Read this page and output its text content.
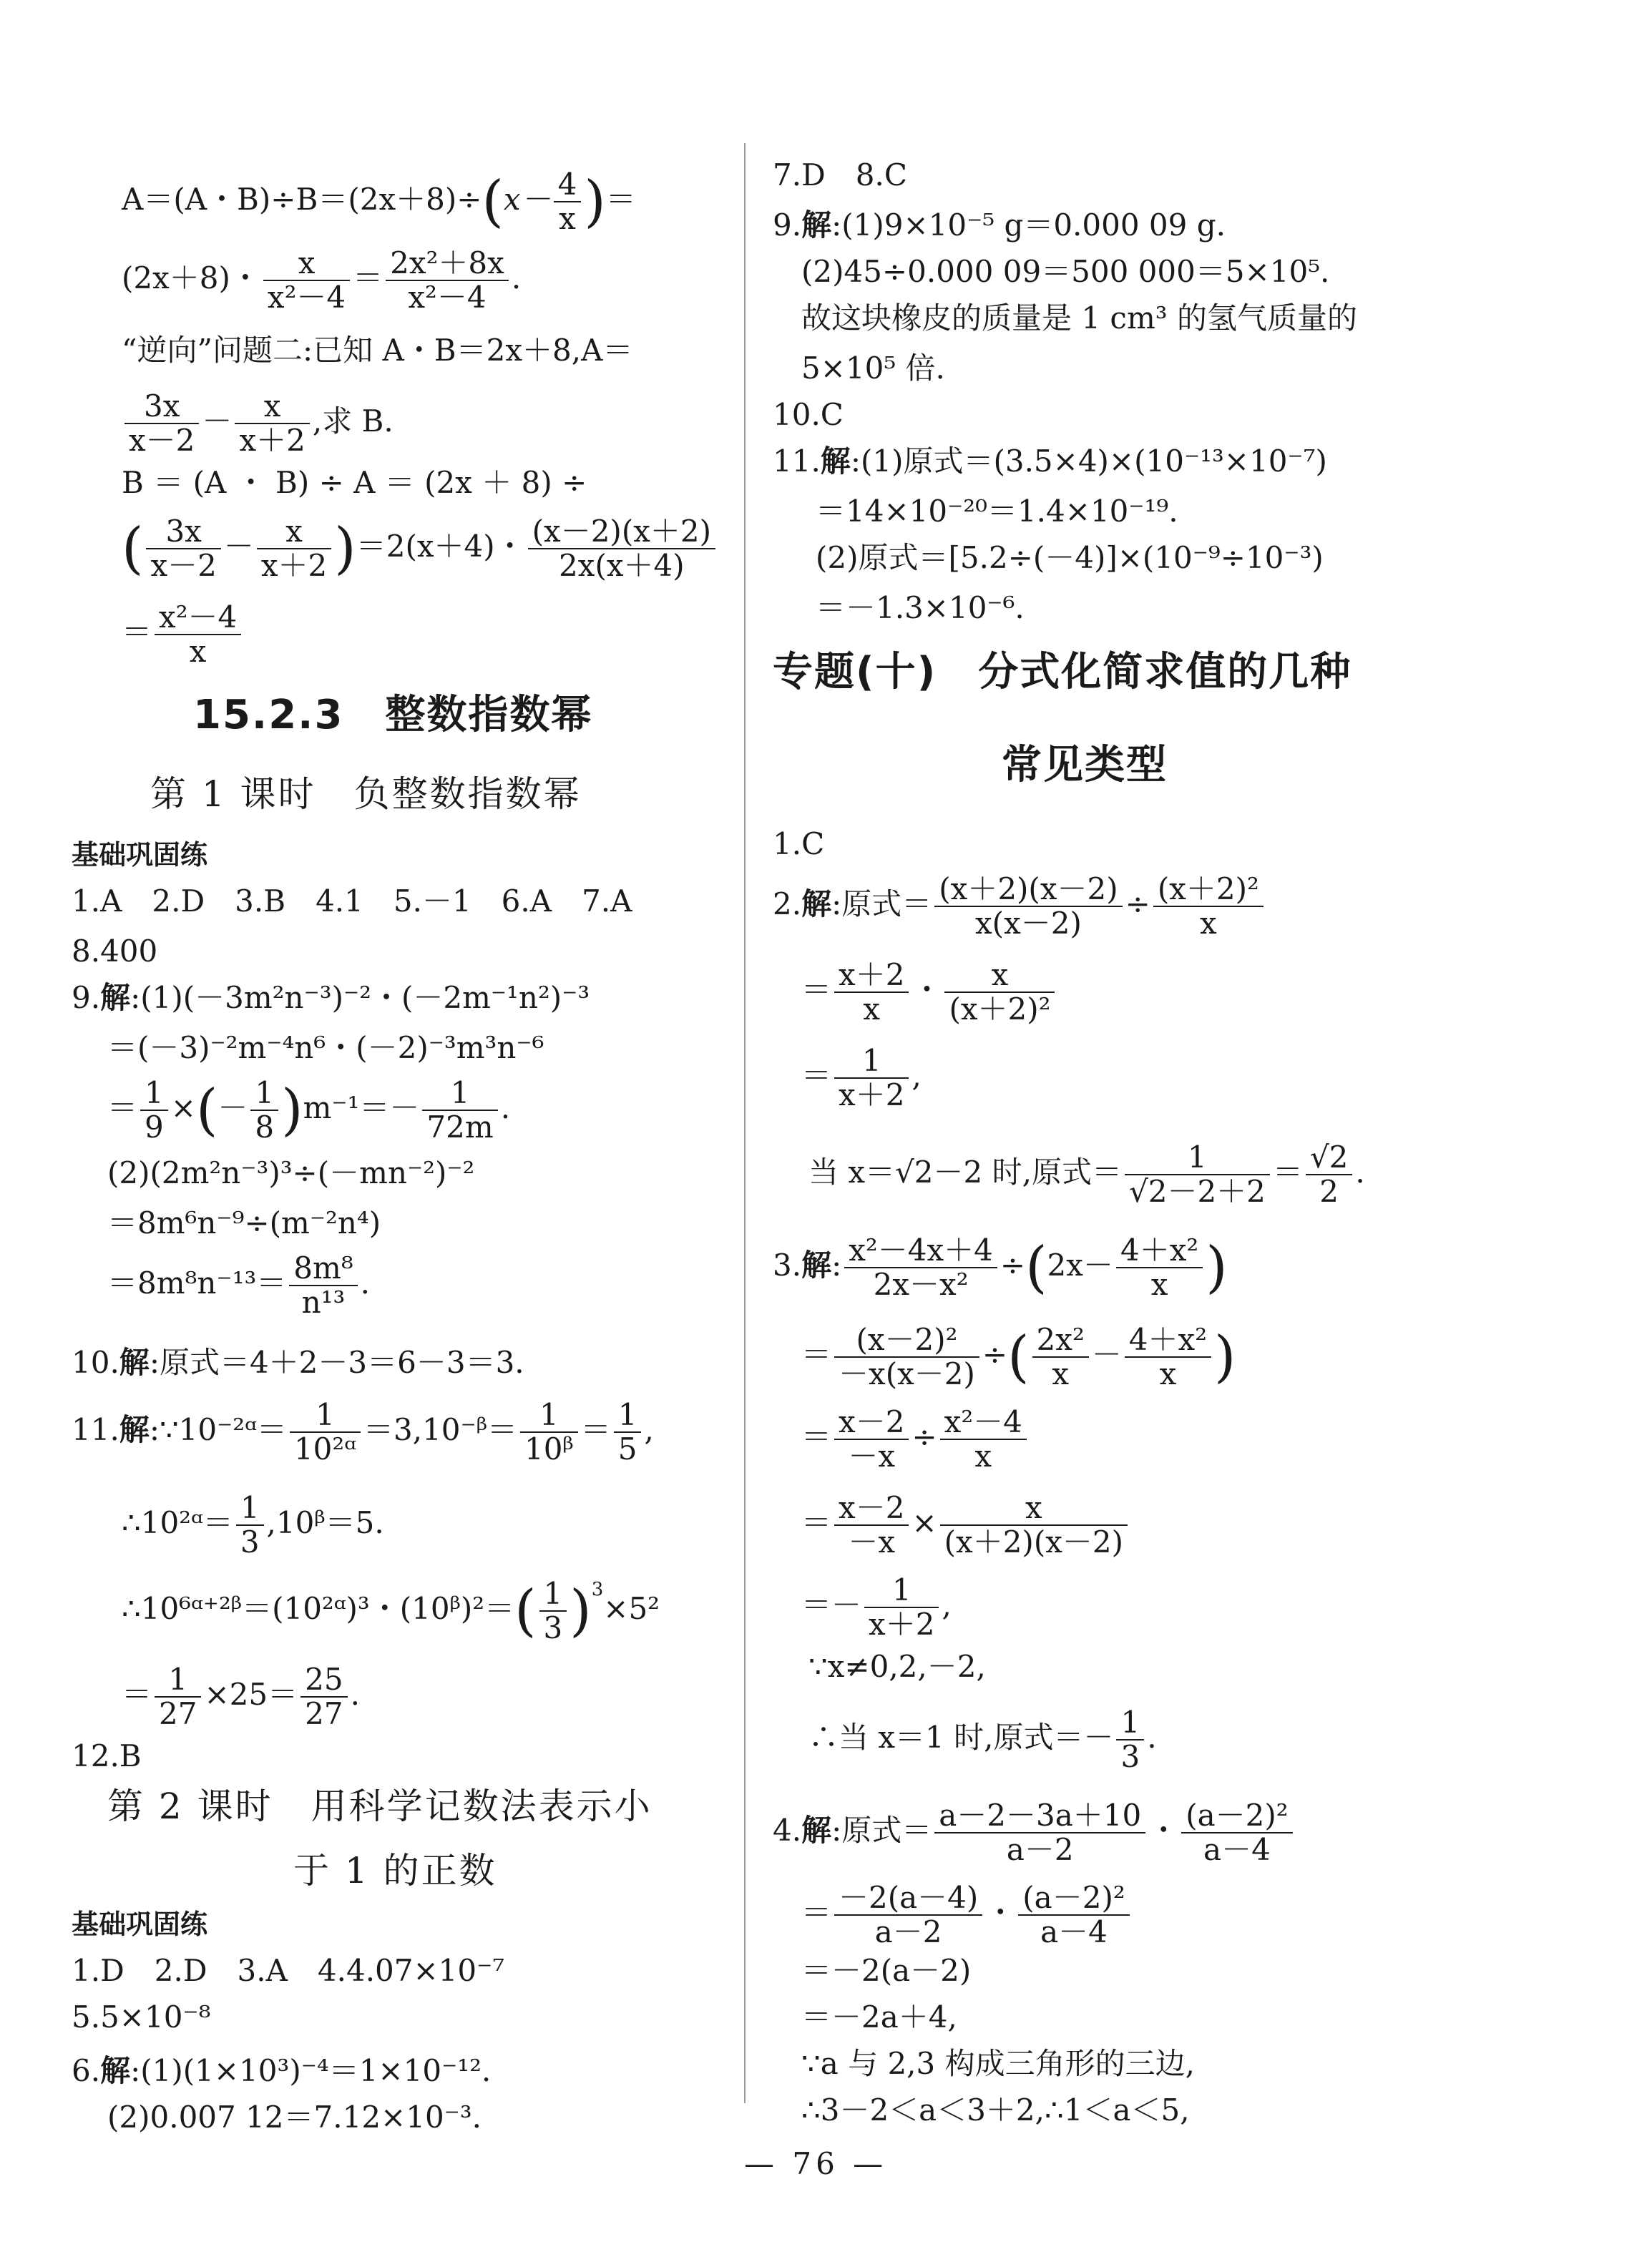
A＝(A・$B)\div B=(2x+8)\div(x- \frac{4}{x}$ )＝
(2x＋8)・ $\frac{x}{\text{x²－4}} = \frac{\text{2x²＋8x}}{\text{x²－4}}$ .
“逆向”问题二:已知 A・B＝2x＋8,A＝
$\frac{3x}{x-2} - \frac{x}{x+2}$ ,求 B.
B ＝ (A ・ B) ÷ A ＝ (2x ＋ 8) ÷
( $\frac{3x}{x-2} - \frac{x}{x+2} )=2(x+4)$・ $\frac{(x-2)(x+2)}{2x(x+4)}$
＝ $\frac{\text{x²－4}}{x}$
15.2.3　整数指数幂
第 1 课时　负整数指数幂
基础巩固练
1.A　2.D　3.B　4.1　5.－1　6.A　7.A
8.400
9.解:(1)(－3m²n⁻³)⁻²・(－2m⁻¹n²)⁻³
＝(－3)⁻²m⁻⁴n⁶・(－2)⁻³m³n⁻⁶
＝ $\frac{1}{9}$ ×(－ $\frac{1}{8} )m^{-1}=- \frac{1}{72m}$ .
(2)(2m²n⁻³)³÷(－mn⁻²)⁻²
＝8m⁶n⁻⁹÷(m⁻²n⁴)
$=8m^8n^{-13}= \frac{\text{8m⁸}}{\text{n¹³}}$ .
10.解:原式＝4＋2－3＝6－3＝3.
11.解:∵10⁻²ᵅ＝ $\frac{1}{\text{10²ᵅ}}$ ＝3,10⁻ᵝ＝ $\frac{1}{\text{10ᵝ}} = \frac{1}{5}$ ,
∴10²ᵅ＝ $\frac{1}{3}$ ,10ᵝ＝5.
∴10⁶ᵅ⁺²ᵝ＝(10²ᵅ)³・(10ᵝ)²＝( $\frac{1}{3} )^3\times 5^2$
＝ $\frac{1}{27} \times 25= \frac{25}{27}$ .
12.B
第 2 课时　用科学记数法表示小
于 1 的正数
基础巩固练
1.D　2.D　3.A　4.4.07×10⁻⁷
5.5×10⁻⁸
6.解:(1)(1×10³)⁻⁴＝1×10⁻¹².
(2)0.007 12＝7.12×10⁻³.
7.D　8.C
9.解:(1)9×10⁻⁵ g＝0.000 09 g.
(2)45÷0.000 09＝500 000＝5×10⁵.
故这块橡皮的质量是 1 cm³ 的氢气质量的
5×10⁵ 倍.
10.C
11.解:(1)原式＝(3.5×4)×(10⁻¹³×10⁻⁷)
＝14×10⁻²⁰＝1.4×10⁻¹⁹.
(2)原式＝[5.2÷(－4)]×(10⁻⁹÷10⁻³)
＝－1.3×10⁻⁶.
专题(十)　分式化简求值的几种
常见类型
1.C
2.解:原式＝ $\frac{(x+2)(x-2)}{x(x-2)} \div \frac{\text{(x＋2)²}}{x}$
＝ $\frac{x+2}{x}$ ・ $\frac{x}{\text{(x＋2)²}}$
＝ $\frac{1}{x+2}$ ,
当 x＝√2－2 时,原式＝ $\frac{1}{√2-2+2} = \frac{√2}{2}$ .
3.解: $\frac{\text{x²－4x＋4}}{\text{2x－x²}} \div(2x- \frac{\text{4＋x²}}{x}$ )
＝ $\frac{\text{(x－2)²}}{-x(x-2)}$ ÷( $\frac{\text{2x²}}{x} - \frac{\text{4＋x²}}{x}$ )
＝ $\frac{x-2}{-x} \div \frac{\text{x²－4}}{x}$
＝ $\frac{x-2}{-x} \times \frac{x}{(x+2)(x-2)}$
＝－ $\frac{1}{x+2}$ ,
∵x≠0,2,－2,
∴当 x＝1 时,原式＝－ $\frac{1}{3}$ .
4.解:原式＝ $\frac{a-2-3a+10}{a-2}$ ・ $\frac{\text{(a－2)²}}{a-4}$
＝ $\frac{-2(a-4)}{a-2}$ ・ $\frac{\text{(a－2)²}}{a-4}$
＝－2(a－2)
＝－2a＋4,
∵a 与 2,3 构成三角形的三边,
∴3－2＜a＜3＋2,∴1＜a＜5,
— 76 —
